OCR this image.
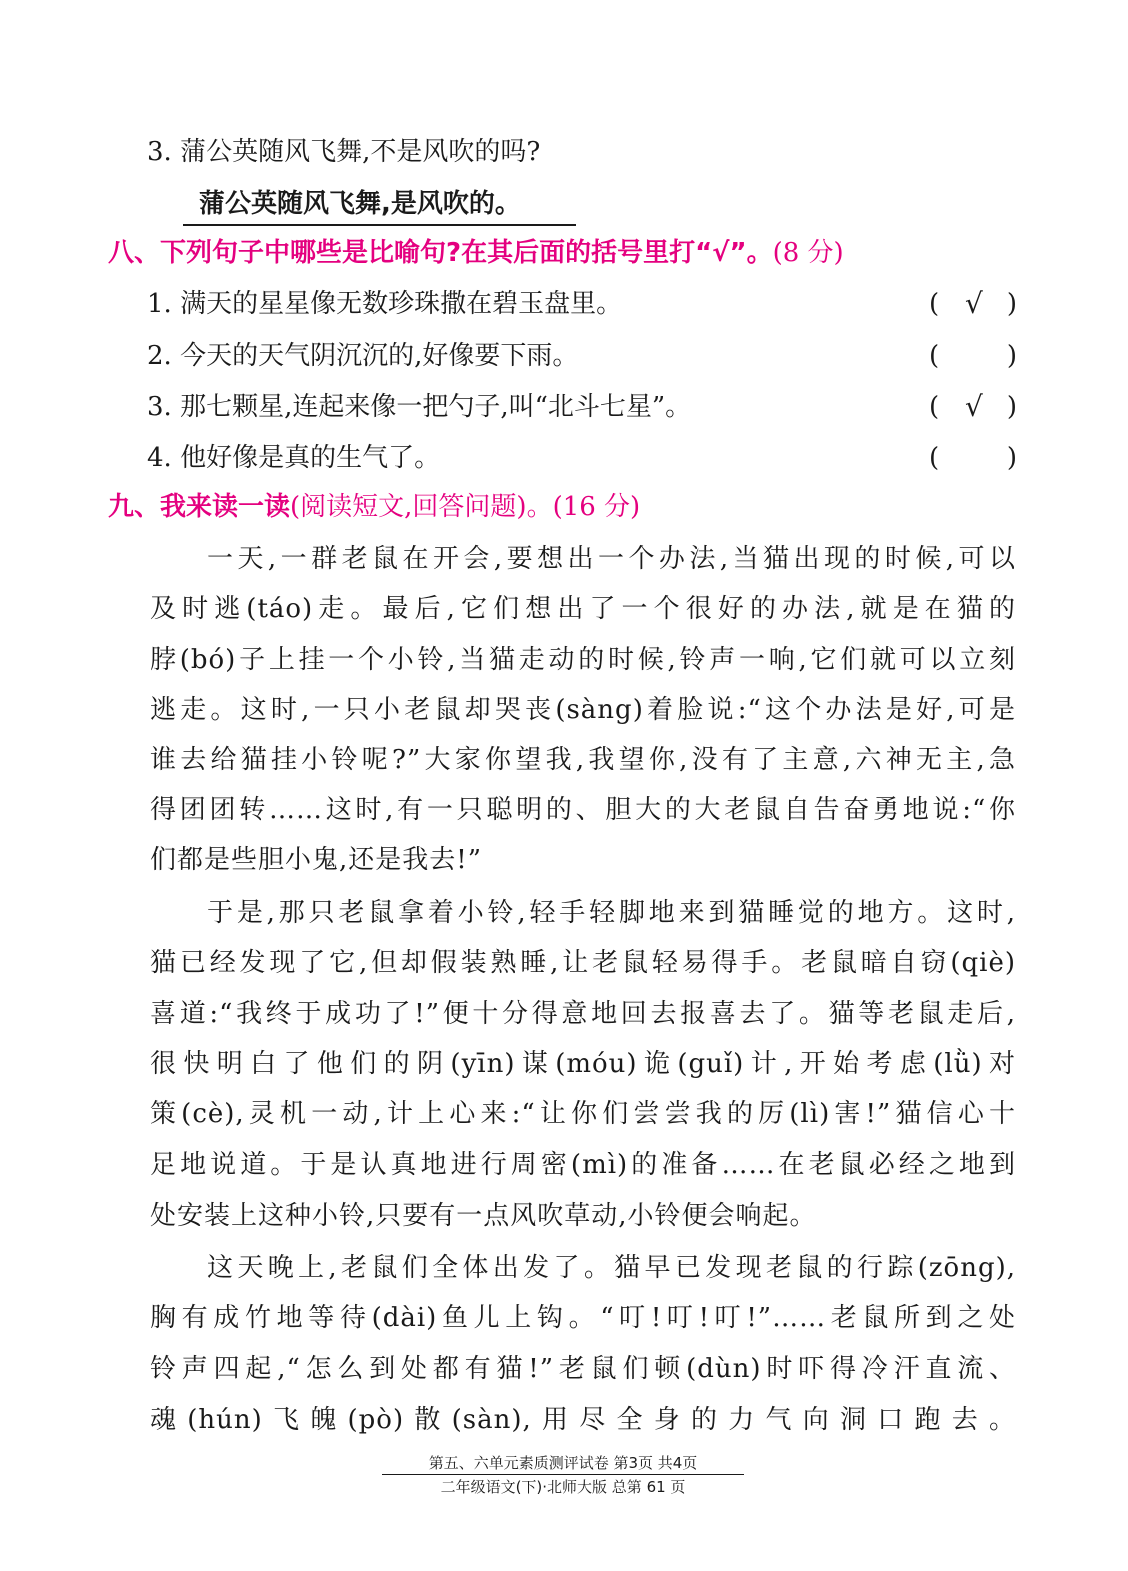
3. 蒲公英随风飞舞,不是风吹的吗?
蒲公英随风飞舞,是风吹的。
八、下列句子中哪些是比喻句?在其后面的括号里打“√”。(8 分)
1. 满天的星星像无数珍珠撒在碧玉盘里。	( √ )
2. 今天的天气阴沉沉的,好像要下雨。	(	)
3. 那七颗星,连起来像一把勺子,叫“北斗七星”。	( √ )
4. 他好像是真的生气了。	(	)
九、我来读一读(阅读短文,回答问题)。(16 分)
一天,一群老鼠在开会,要想出一个办法,当猫出现的时候,可以
及时逃(táo)走。最后,它们想出了一个很好的办法,就是在猫的
脖(bó)子上挂一个小铃,当猫走动的时候,铃声一响,它们就可以立刻
逃走。这时,一只小老鼠却哭丧(sàng)着脸说:“这个办法是好,可是
谁去给猫挂小铃呢?”大家你望我,我望你,没有了主意,六神无主,急
得团团转……这时,有一只聪明的、胆大的大老鼠自告奋勇地说:“你
们都是些胆小鬼,还是我去!”
于是,那只老鼠拿着小铃,轻手轻脚地来到猫睡觉的地方。这时,
猫已经发现了它,但却假装熟睡,让老鼠轻易得手。老鼠暗自窃(qiè)
喜道:“我终于成功了!”便十分得意地回去报喜去了。猫等老鼠走后,
很快明白了他们的阴(yīn)谋(móu)诡(guǐ)计,开始考虑(lǜ)对
策(cè),灵机一动,计上心来:“让你们尝尝我的厉(lì)害!”猫信心十
足地说道。于是认真地进行周密(mì)的准备……在老鼠必经之地到
处安装上这种小铃,只要有一点风吹草动,小铃便会响起。
这天晚上,老鼠们全体出发了。猫早已发现老鼠的行踪(zōng),
胸有成竹地等待(dài)鱼儿上钩。“叮!叮!叮!”……老鼠所到之处
铃声四起,“怎么到处都有猫!”老鼠们顿(dùn)时吓得冷汗直流、
魂(hún)飞魄(pò)散(sàn),用尽全身的力气向洞口跑去。
第五、六单元素质测评试卷 第3页 共4页
二年级语文(下)·北师大版 总第 61 页
